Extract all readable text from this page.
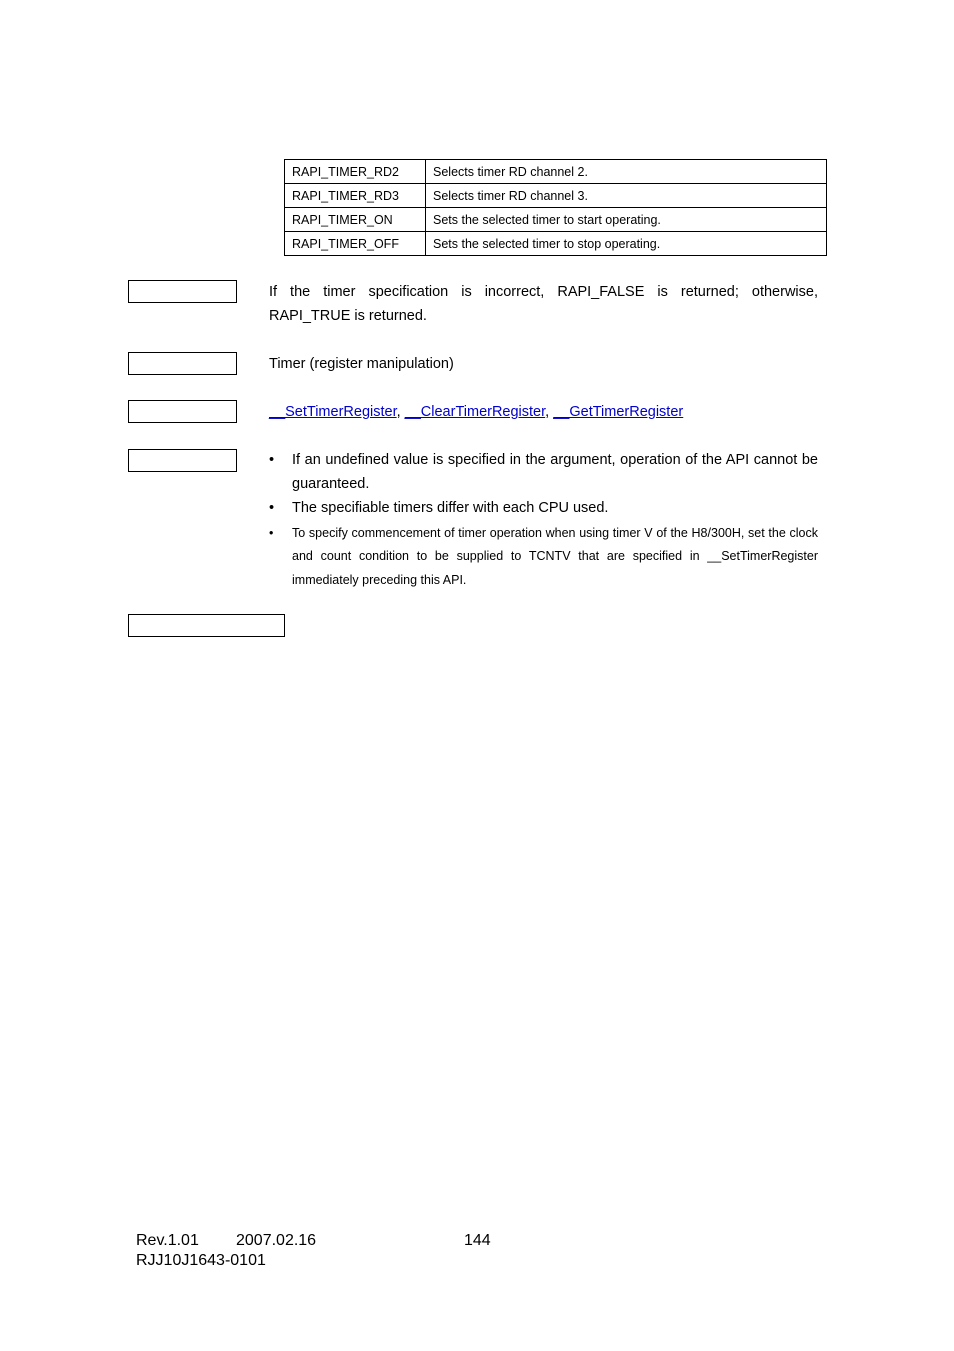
RAPI_TIMER_RD2	Selects timer RD channel 2.
RAPI_TIMER_RD3	Selects timer RD channel 3.
RAPI_TIMER_ON	Sets the selected timer to start operating.
RAPI_TIMER_OFF	Sets the selected timer to stop operating.
If the timer specification is incorrect, RAPI_FALSE is returned; otherwise, RAPI_TRUE is returned.
Timer (register manipulation)
__SetTimerRegister, __ClearTimerRegister, __GetTimerRegister
• If an undefined value is specified in the argument, operation of the API cannot be guaranteed.
• The specifiable timers differ with each CPU used.
• To specify commencement of timer operation when using timer V of the H8/300H, set the clock and count condition to be supplied to TCNTV that are specified in __SetTimerRegister immediately preceding this API.
Rev.1.01 2007.02.16	144
RJJ10J1643-0101
